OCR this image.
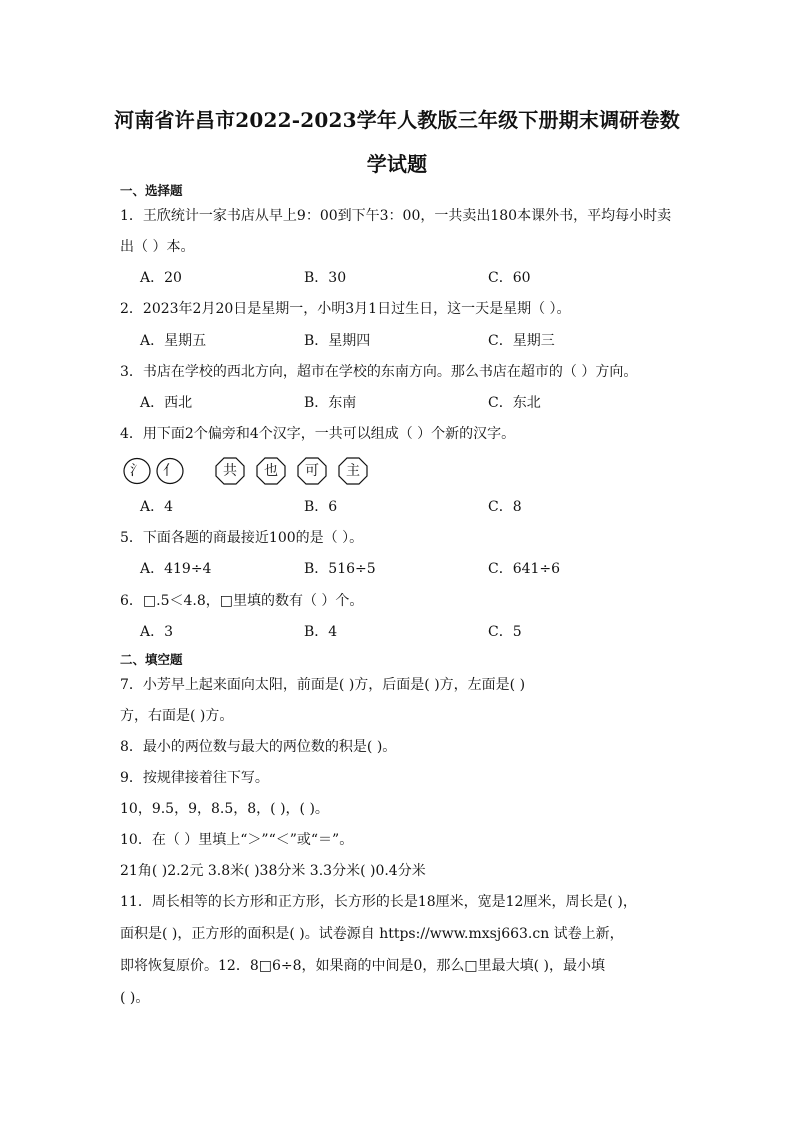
河南省许昌市2022-2023学年人教版三年级下册期末调研卷数
学试题
一、选择题
1．王欣统计一家书店从早上9：00到下午3：00，一共卖出180本课外书，平均每小时卖
出（ ）本。
A．20	B．30	C．60
2．2023年2月20日是星期一，小明3月1日过生日，这一天是星期（ ）。
A．星期五	B．星期四	C．星期三
3．书店在学校的西北方向，超市在学校的东南方向。那么书店在超市的（ ）方向。
A．西北	B．东南	C．东北
4．用下面2个偏旁和4个汉字，一共可以组成（ ）个新的汉字。
氵 亻	共 也 可 主
A．4	B．6	C．8
5．下面各题的商最接近100的是（ ）。
A．419÷4	B．516÷5	C．641÷6
6．□.5＜4.8，□里填的数有（ ）个。
A．3	B．4	C．5
二、填空题
7．小芳早上起来面向太阳，前面是( )方，后面是( )方，左面是( )
方，右面是( )方。
8．最小的两位数与最大的两位数的积是( )。
9．按规律接着往下写。
10，9.5，9，8.5，8，( )，( )。
10．在（ ）里填上“＞”“＜”或“＝”。
21角( )2.2元 3.8米( )38分米 3.3分米( )0.4分米
11．周长相等的长方形和正方形，长方形的长是18厘米，宽是12厘米，周长是( )，
面积是( )，正方形的面积是( )。试卷源自 https://www.mxsj663.cn 试卷上新，
即将恢复原价。12．8□6÷8，如果商的中间是0，那么□里最大填( )，最小填
( )。
